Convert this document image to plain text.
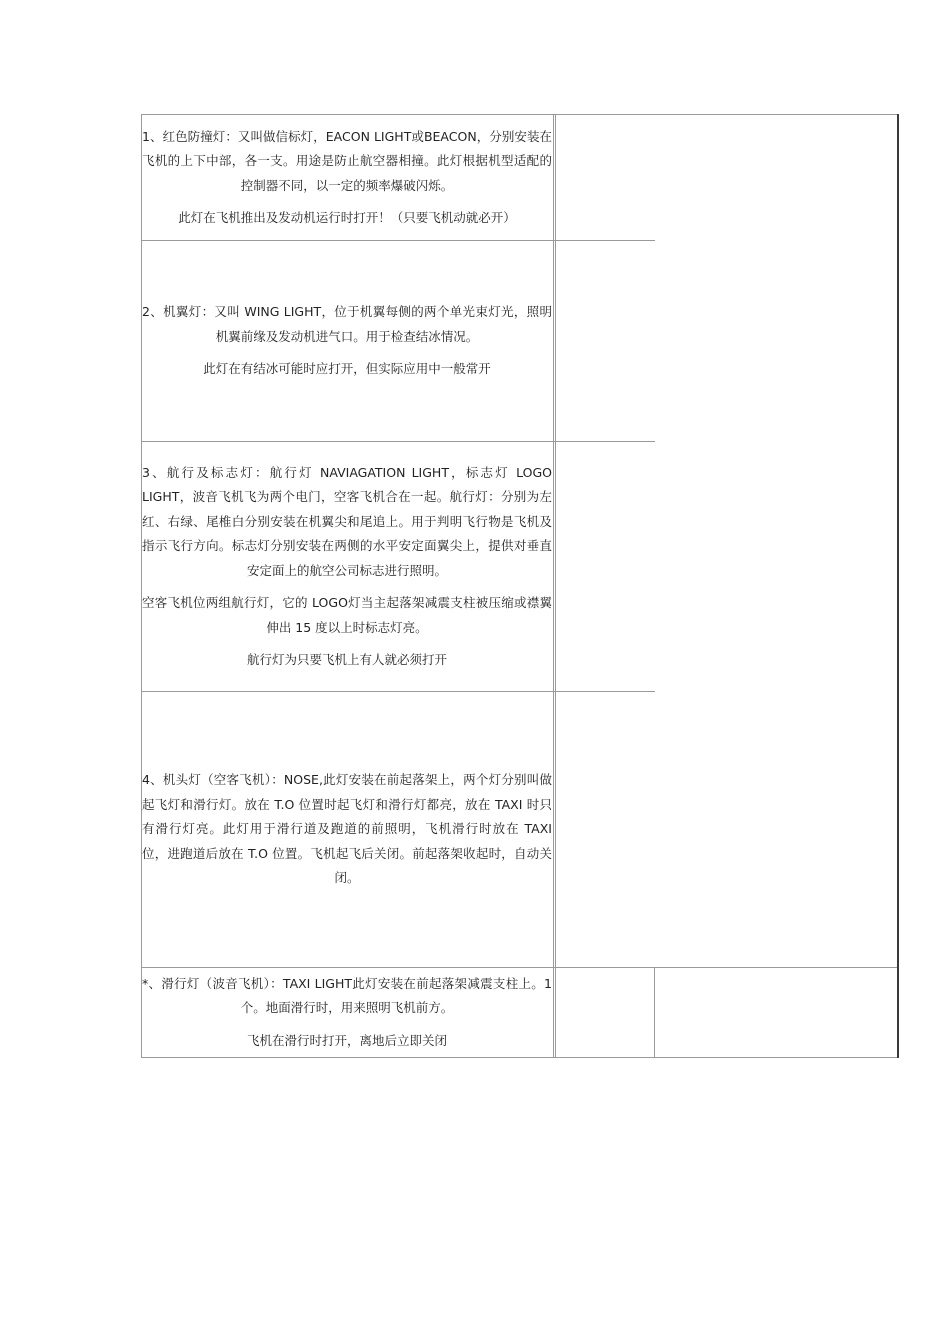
1、红色防撞灯：又叫做信标灯，EACON LIGHT或BEACON，分别安装在飞机的上下中部，各一支。用途是防止航空器相撞。此灯根据机型适配的控制器不同，以一定的频率爆破闪烁。

此灯在飞机推出及发动机运行时打开！（只要飞机动就必开）

2、机翼灯：又叫 WING LIGHT，位于机翼每侧的两个单光束灯光，照明机翼前缘及发动机进气口。用于检查结冰情况。

此灯在有结冰可能时应打开，但实际应用中一般常开

3、航行及标志灯：航行灯 NAVIAGATION LIGHT，标志灯 LOGO LIGHT，波音飞机飞为两个电门，空客飞机合在一起。航行灯：分别为左红、右绿、尾椎白分别安装在机翼尖和尾追上。用于判明飞行物是飞机及指示飞行方向。标志灯分别安装在两侧的水平安定面翼尖上，提供对垂直安定面上的航空公司标志进行照明。

空客飞机位两组航行灯，它的 LOGO灯当主起落架减震支柱被压缩或襟翼伸出 15 度以上时标志灯亮。

航行灯为只要飞机上有人就必须打开

4、机头灯（空客飞机）：NOSE,此灯安装在前起落架上，两个灯分别叫做起飞灯和滑行灯。放在 T.O 位置时起飞灯和滑行灯都亮，放在 TAXI 时只有滑行灯亮。此灯用于滑行道及跑道的前照明，飞机滑行时放在 TAXI 位，进跑道后放在 T.O 位置。飞机起飞后关闭。前起落架收起时，自动关闭。

*、滑行灯（波音飞机）：TAXI LIGHT此灯安装在前起落架减震支柱上。1 个。地面滑行时，用来照明飞机前方。

飞机在滑行时打开，离地后立即关闭
